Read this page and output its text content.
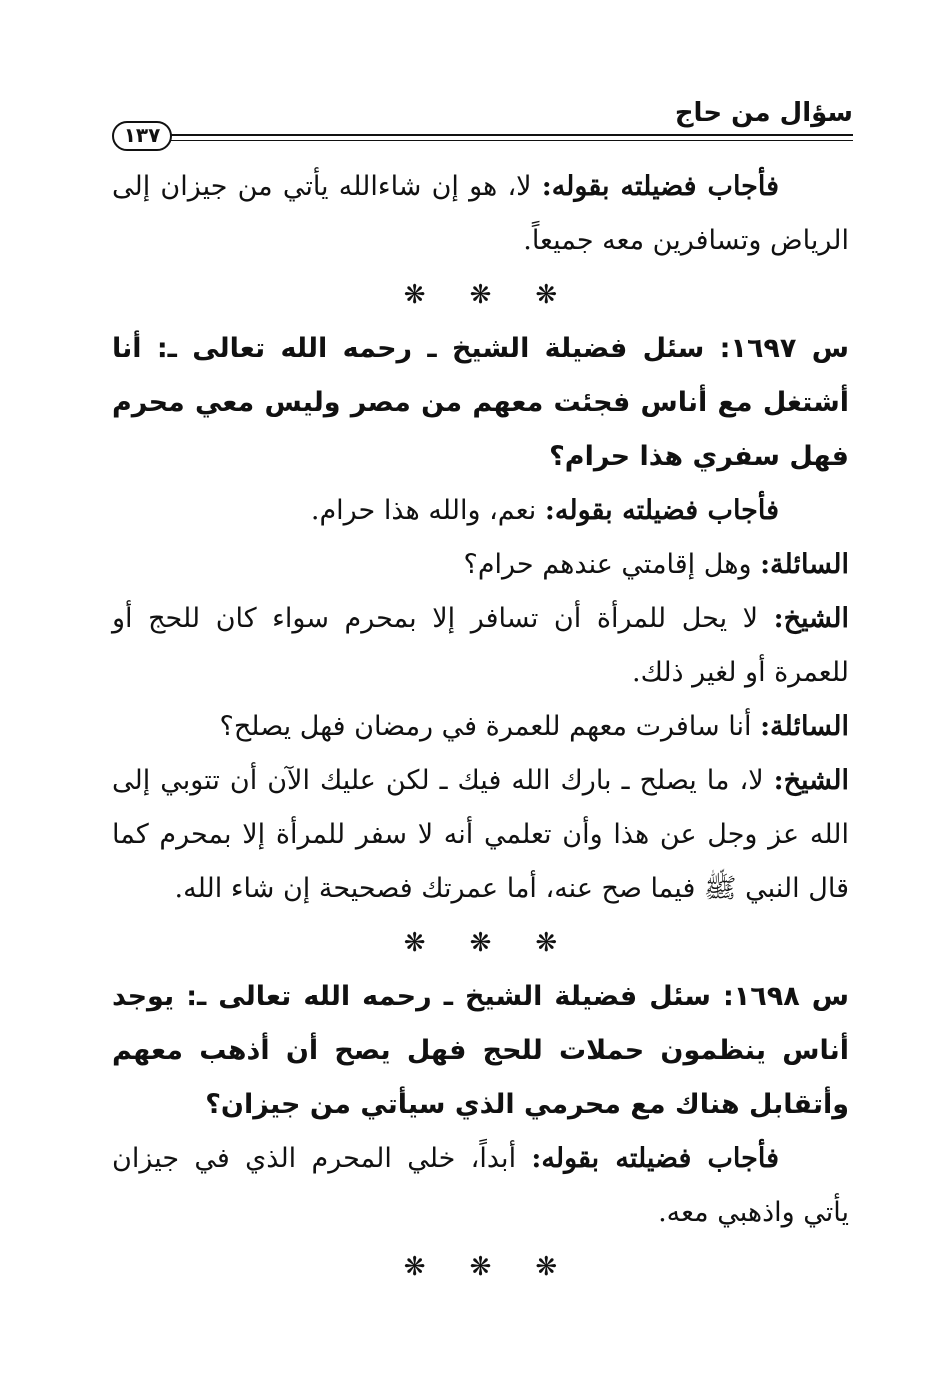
سؤال من حاج
١٣٧

فأجاب فضيلته بقوله: لا، هو إن شاءالله يأتي من جيزان إلى الرياض وتسافرين معه جميعاً.

❋❋❋

س ١٦٩٧: سئل فضيلة الشيخ ـ رحمه الله تعالى ـ: أنا أشتغل مع أناس فجئت معهم من مصر وليس معي محرم فهل سفري هذا حرام؟

فأجاب فضيلته بقوله: نعم، والله هذا حرام.

السائلة: وهل إقامتي عندهم حرام؟

الشيخ: لا يحل للمرأة أن تسافر إلا بمحرم سواء كان للحج أو للعمرة أو لغير ذلك.

السائلة: أنا سافرت معهم للعمرة في رمضان فهل يصلح؟

الشيخ: لا، ما يصلح ـ بارك الله فيك ـ لكن عليك الآن أن تتوبي إلى الله عز وجل عن هذا وأن تعلمي أنه لا سفر للمرأة إلا بمحرم كما قال النبي ﷺ فيما صح عنه، أما عمرتك فصحيحة إن شاء الله.

❋❋❋

س ١٦٩٨: سئل فضيلة الشيخ ـ رحمه الله تعالى ـ: يوجد أناس ينظمون حملات للحج فهل يصح أن أذهب معهم وأتقابل هناك مع محرمي الذي سيأتي من جيزان؟

فأجاب فضيلته بقوله: أبداً، خلي المحرم الذي في جيزان يأتي واذهبي معه.

❋❋❋
